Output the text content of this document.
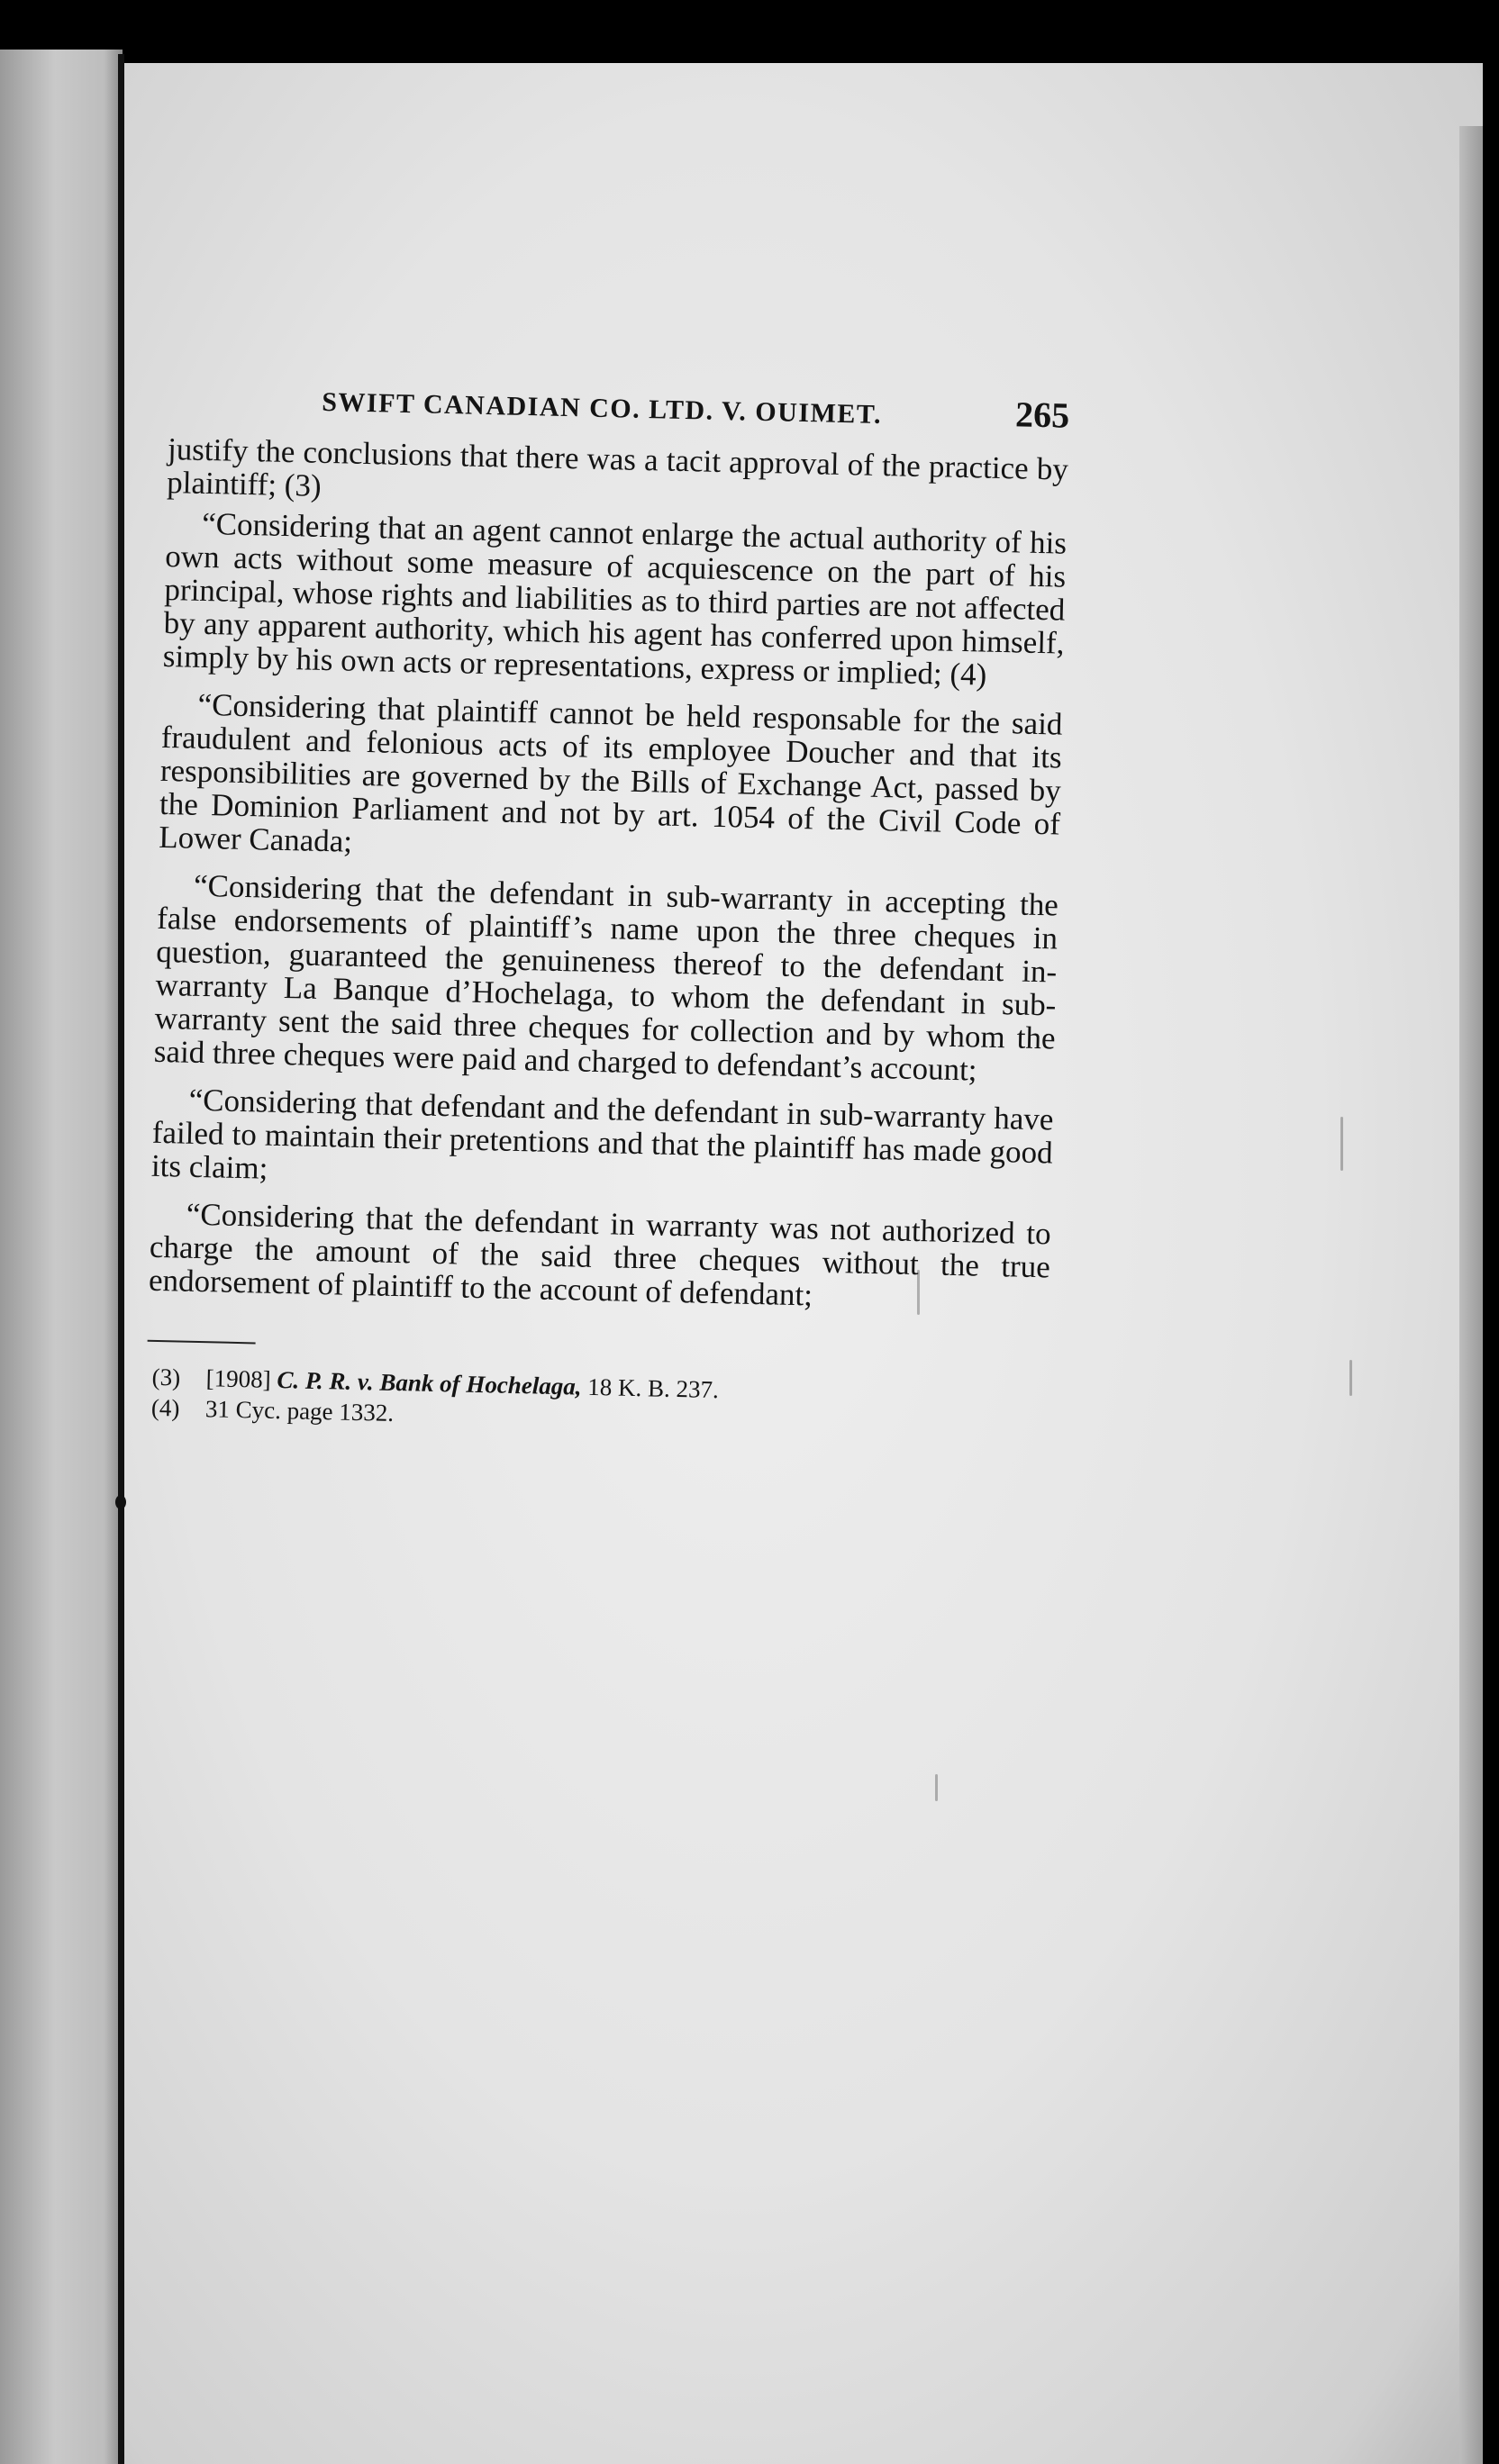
SWIFT CANADIAN CO. LTD. V. OUIMET.	265

justify the conclusions that there was a tacit approval of the practice by plaintiff; (3)

“Considering that an agent cannot enlarge the actual authority of his own acts without some measure of acquiescence on the part of his principal, whose rights and liabilities as to third parties are not affected by any apparent authority, which his agent has conferred upon himself, simply by his own acts or representations, express or implied; (4)

“Considering that plaintiff cannot be held responsable for the said fraudulent and felonious acts of its employee Doucher and that its responsibilities are governed by the Bills of Exchange Act, passed by the Dominion Parliament and not by art. 1054 of the Civil Code of Lower Canada;

“Considering that the defendant in sub-warranty in accepting the false endorsements of plaintiff’s name upon the three cheques in question, guaranteed the genuineness thereof to the defendant in-warranty La Banque d’Hochelaga, to whom the defendant in sub-warranty sent the said three cheques for collection and by whom the said three cheques were paid and charged to defendant’s account;

“Considering that defendant and the defendant in sub-warranty have failed to maintain their pretentions and that the plaintiff has made good its claim;

“Considering that the defendant in warranty was not authorized to charge the amount of the said three cheques without the true endorsement of plaintiff to the account of defendant;

(3) [1908] C. P. R. v. Bank of Hochelaga, 18 K. B. 237.
(4) 31 Cyc. page 1332.
